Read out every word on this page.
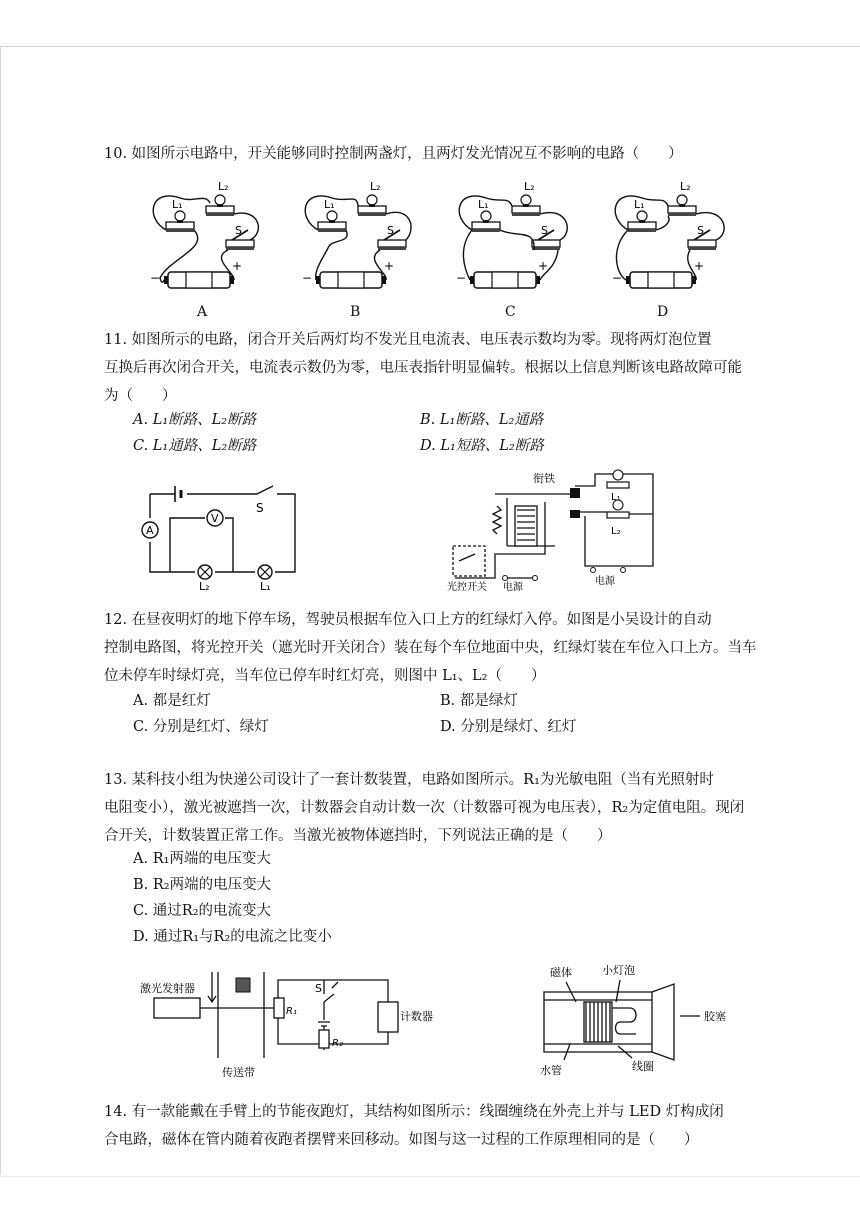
10. 如图所示电路中，开关能够同时控制两盏灯，且两灯发光情况互不影响的电路（　　）
L₁
L₂
S
−
+
L₁
L₂
S
−
+
L₁
L₂
S
−
+
L₁
L₂
S
−
+
A	B	C	D
11. 如图所示的电路，闭合开关后两灯均不发光且电流表、电压表示数均为零。现将两灯泡位置
互换后再次闭合开关，电流表示数仍为零，电压表指针明显偏转。根据以上信息判断该电路故障可能
为（　　）
A. L₁断路、L₂断路	B. L₁断路、L₂通路
C. L₁通路、L₂断路	D. L₁短路、L₂断路
A
V
S
L₂	L₁
衔铁
L₁
L₂
光控开关 电源
电源
12. 在昼夜明灯的地下停车场，驾驶员根据车位入口上方的红绿灯入停。如图是小吴设计的自动
控制电路图，将光控开关（遮光时开关闭合）装在每个车位地面中央，红绿灯装在车位入口上方。当车
位未停车时绿灯亮，当车位已停车时红灯亮，则图中 L₁、L₂（　　）
A. 都是红灯	B. 都是绿灯
C. 分别是红灯、绿灯	D. 分别是绿灯、红灯
13. 某科技小组为快递公司设计了一套计数装置，电路如图所示。R₁为光敏电阻（当有光照射时
电阻变小），激光被遮挡一次，计数器会自动计数一次（计数器可视为电压表），R₂为定值电阻。现闭
合开关，计数装置正常工作。当激光被物体遮挡时，下列说法正确的是（　　）
A. R₁两端的电压变大
B. R₂两端的电压变大
C. 通过R₂的电流变大
D. 通过R₁与R₂的电流之比变小
激光发射器
传送带
计数器
S
R₁
R₂
磁体	小灯泡
胶塞
线圈
水管
14. 有一款能戴在手臂上的节能夜跑灯，其结构如图所示：线圈缠绕在外壳上并与 LED 灯构成闭
合电路，磁体在管内随着夜跑者摆臂来回移动。如图与这一过程的工作原理相同的是（　　）
